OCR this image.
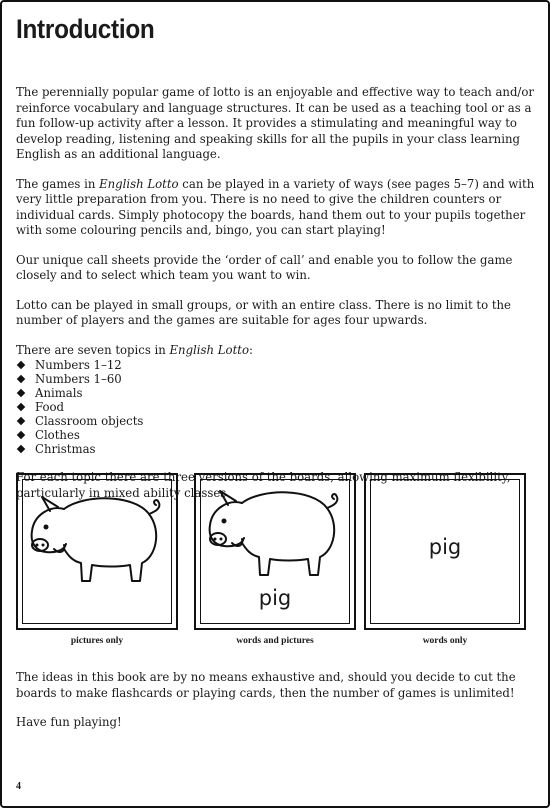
Introduction

The perennially popular game of lotto is an enjoyable and effective way to teach and/or reinforce vocabulary and language structures. It can be used as a teaching tool or as a fun follow-up activity after a lesson. It provides a stimulating and meaningful way to develop reading, listening and speaking skills for all the pupils in your class learning English as an additional language.

The games in English Lotto can be played in a variety of ways (see pages 5–7) and with very little preparation from you. There is no need to give the children counters or individual cards. Simply photocopy the boards, hand them out to your pupils together with some colouring pencils and, bingo, you can start playing!

Our unique call sheets provide the ‘order of call’ and enable you to follow the game closely and to select which team you want to win.

Lotto can be played in small groups, or with an entire class. There is no limit to the number of players and the games are suitable for ages four upwards.

There are seven topics in English Lotto:

Numbers 1–12
Numbers 1–60
Animals
Food
Classroom objects
Clothes
Christmas

For each topic there are three versions of the boards, allowing maximum flexibility, particularly in mixed ability classes.

pig
pig
pictures only	words and pictures	words only

The ideas in this book are by no means exhaustive and, should you decide to cut the boards to make flashcards or playing cards, then the number of games is unlimited!

Have fun playing!

4
